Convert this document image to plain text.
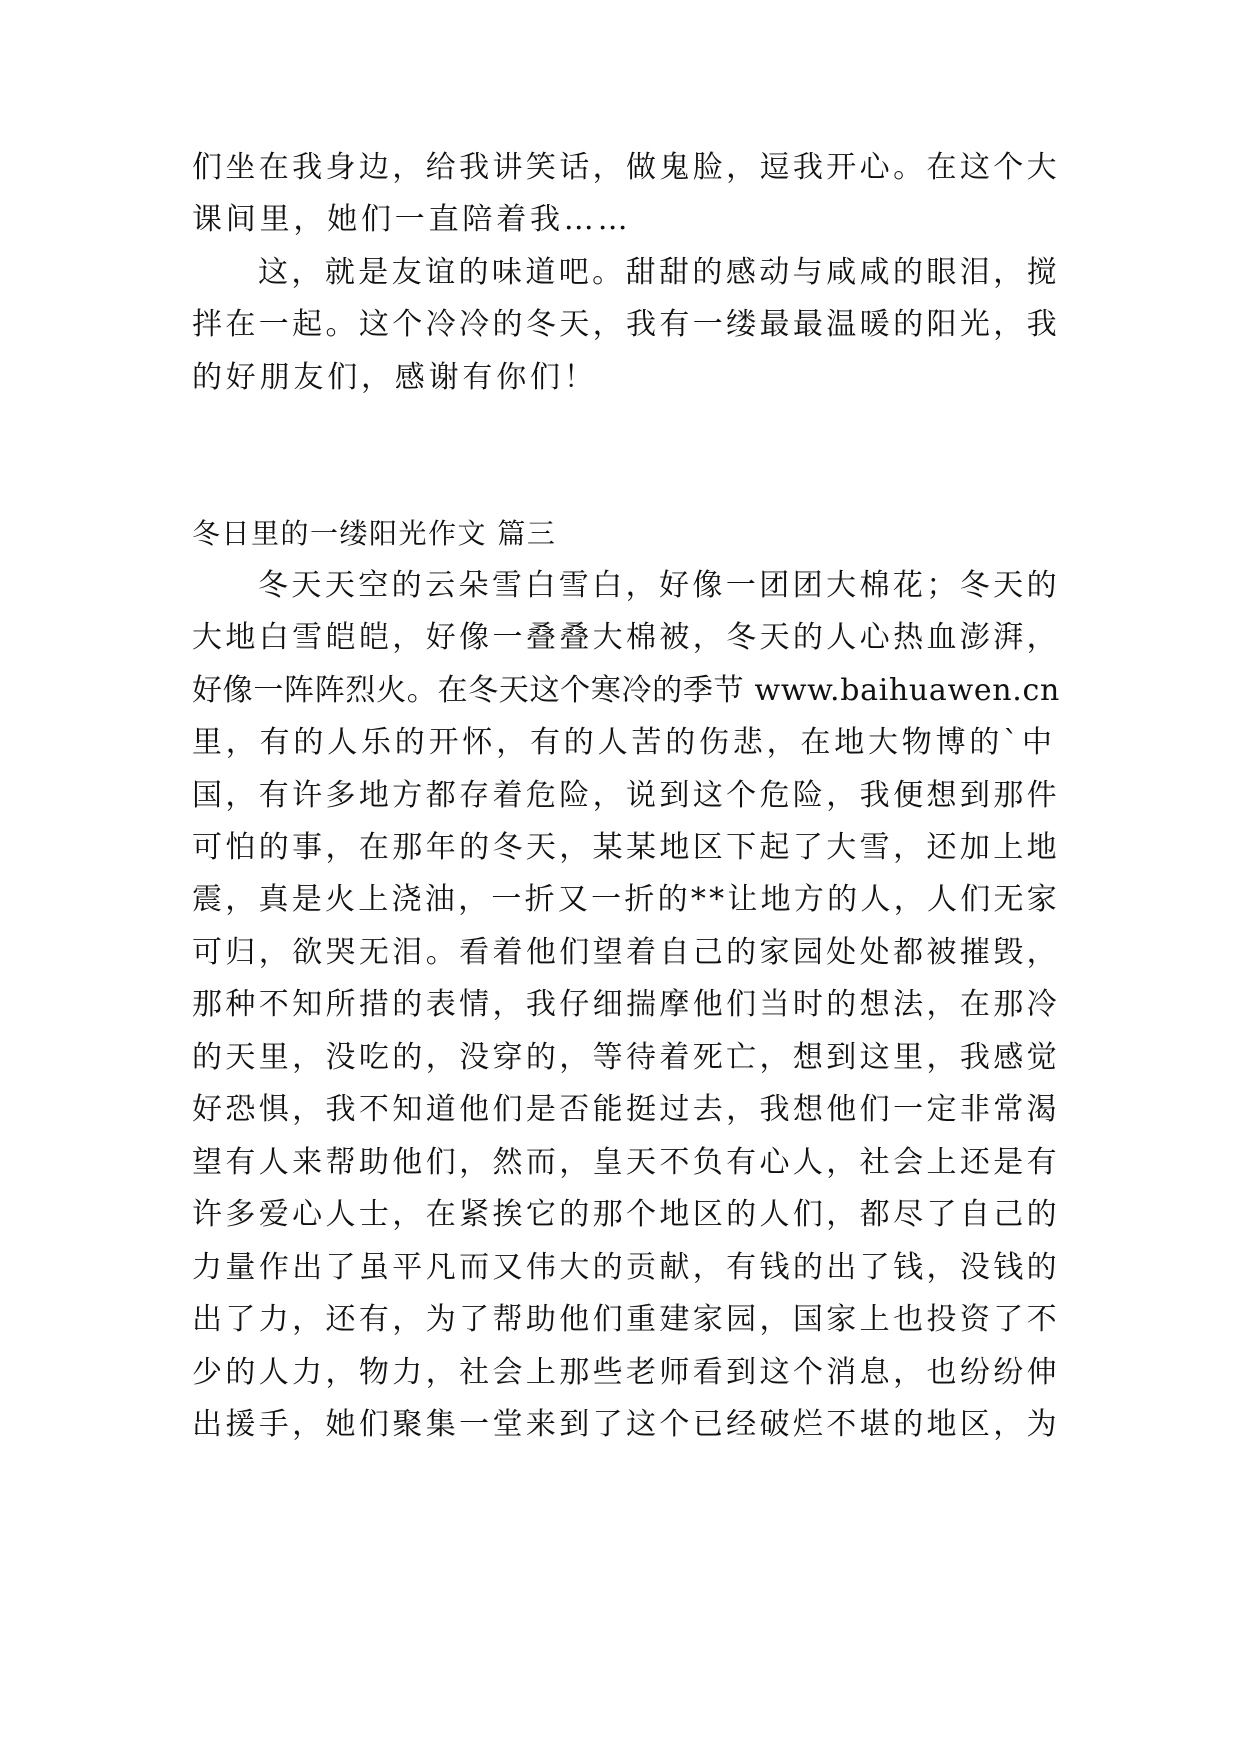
们坐在我身边，给我讲笑话，做鬼脸，逗我开心。在这个大
课间里，她们一直陪着我……
这，就是友谊的味道吧。甜甜的感动与咸咸的眼泪，搅
拌在一起。这个冷冷的冬天，我有一缕最最温暖的阳光，我
的好朋友们，感谢有你们！
冬日里的一缕阳光作文 篇三
冬天天空的云朵雪白雪白，好像一团团大棉花；冬天的
大地白雪皑皑，好像一叠叠大棉被，冬天的人心热血澎湃，
好像一阵阵烈火。在冬天这个寒冷的季节 www.baihuawen.cn
里，有的人乐的开怀，有的人苦的伤悲，在地大物博的`中
国，有许多地方都存着危险，说到这个危险，我便想到那件
可怕的事，在那年的冬天，某某地区下起了大雪，还加上地
震，真是火上浇油，一折又一折的**让地方的人，人们无家
可归，欲哭无泪。看着他们望着自己的家园处处都被摧毁，
那种不知所措的表情，我仔细揣摩他们当时的想法，在那冷
的天里，没吃的，没穿的，等待着死亡，想到这里，我感觉
好恐惧，我不知道他们是否能挺过去，我想他们一定非常渴
望有人来帮助他们，然而，皇天不负有心人，社会上还是有
许多爱心人士，在紧挨它的那个地区的人们，都尽了自己的
力量作出了虽平凡而又伟大的贡献，有钱的出了钱，没钱的
出了力，还有，为了帮助他们重建家园，国家上也投资了不
少的人力，物力，社会上那些老师看到这个消息，也纷纷伸
出援手，她们聚集一堂来到了这个已经破烂不堪的地区，为
